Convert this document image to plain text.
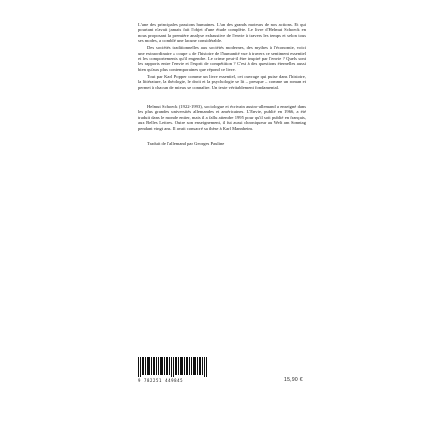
L'une des principales passions humaines. L'un des grands moteurs de nos actions. Et qui pourtant n'avait jamais fait l'objet d'une étude complète. Le livre d'Helmut Schoeck en nous proposant la première analyse exhaustive de l'envie à travers les temps et selon tous ses modes, a comblé une lacune considérable.

Des sociétés traditionnelles aux sociétés modernes, des mythes à l'économie, voici une extraordinaire « coupe » de l'histoire de l'humanité vue à travers ce sentiment essentiel et les comportements qu'il engendre. Le crime peut-il être inspiré par l'envie ? Quels sont les rapports entre l'envie et l'esprit de compétition ? C'est à des questions éternelles aussi bien qu'aux plus contemporaines que répond ce livre.

Tout par Karl Popper comme un livre essentiel, cet ouvrage qui puise dans l'histoire, la littérature, la théologie, le droit et la psychologie se lit – presque – comme un roman et permet à chacun de mieux se connaître. Un texte véritablement fondamental.

Helmut Schoeck (1922-1993), sociologue et écrivain austro-allemand a enseigné dans les plus grandes universités allemandes et américaines. L'Envie, publié en 1966, a été traduit dans le monde entier, mais il a fallu attendre 1995 pour qu'il soit publié en français, aux Belles Lettres. Outre son enseignement, il fut aussi chroniqueur au Welt am Sonntag pendant vingt ans. Il avait consacré sa thèse à Karl Mannheim.

Traduit de l'allemand par Georges Pauline

9 782251 449845	15,90 €
